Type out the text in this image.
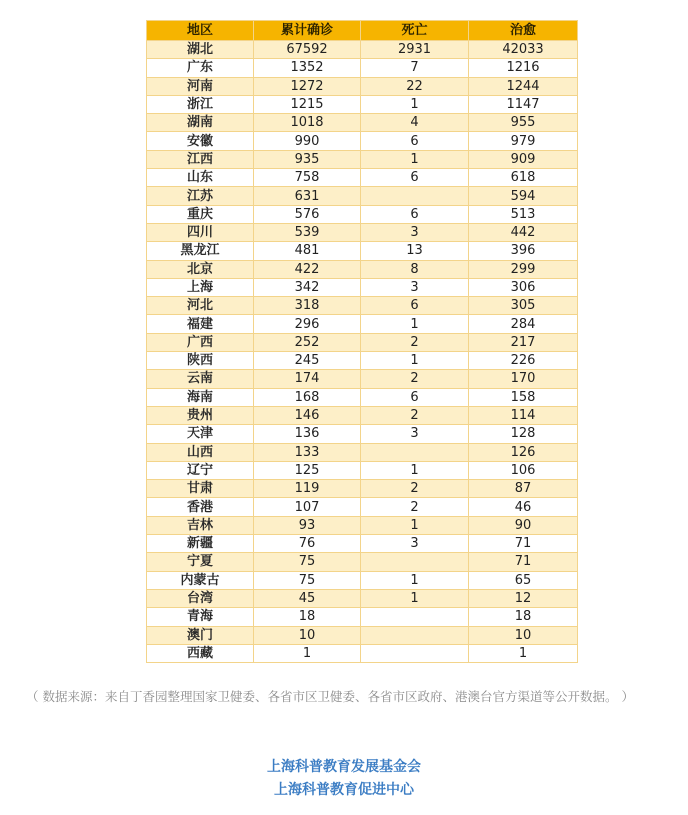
地区	累计确诊	死亡	治愈
湖北	67592	2931	42033
广东	1352	7	1216
河南	1272	22	1244
浙江	1215	1	1147
湖南	1018	4	955
安徽	990	6	979
江西	935	1	909
山东	758	6	618
江苏	631		594
重庆	576	6	513
四川	539	3	442
黑龙江	481	13	396
北京	422	8	299
上海	342	3	306
河北	318	6	305
福建	296	1	284
广西	252	2	217
陕西	245	1	226
云南	174	2	170
海南	168	6	158
贵州	146	2	114
天津	136	3	128
山西	133		126
辽宁	125	1	106
甘肃	119	2	87
香港	107	2	46
吉林	93	1	90
新疆	76	3	71
宁夏	75		71
内蒙古	75	1	65
台湾	45	1	12
青海	18		18
澳门	10		10
西藏	1		1
（ 数据来源：来自丁香园整理国家卫健委、各省市区卫健委、各省市区政府、港澳台官方渠道等公开数据。 ）
上海科普教育发展基金会
上海科普教育促进中心
